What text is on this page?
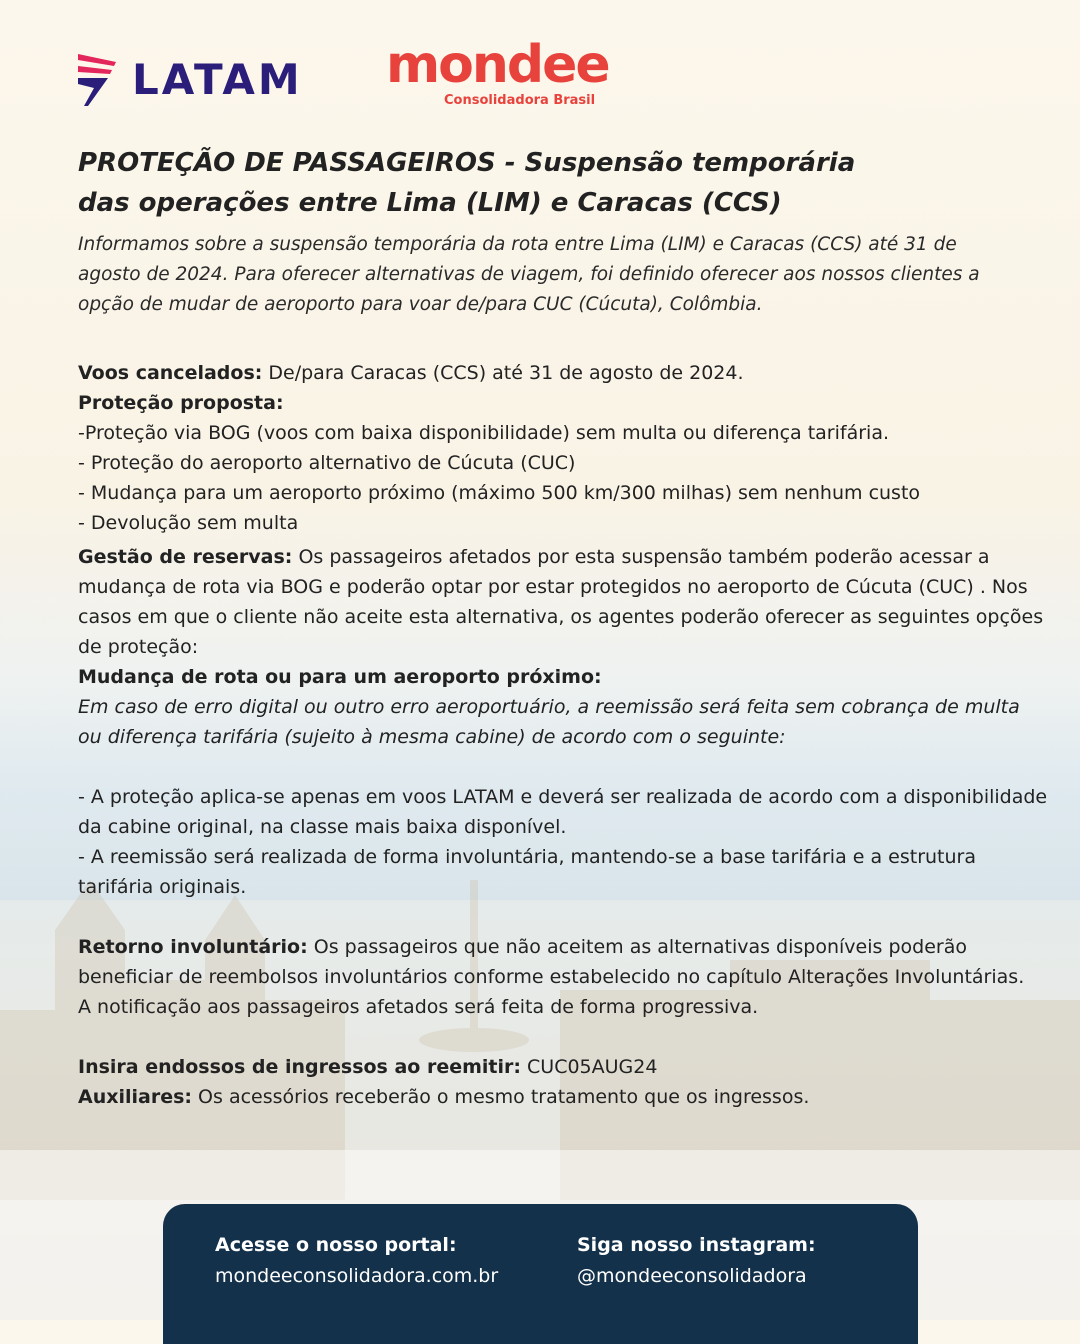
LATAM mondee
Consolidadora Brasil
PROTEÇÃO DE PASSAGEIROS - Suspensão temporária
das operações entre Lima (LIM) e Caracas (CCS)

Informamos sobre a suspensão temporária da rota entre Lima (LIM) e Caracas (CCS) até 31 de agosto de 2024. Para oferecer alternativas de viagem, foi definido oferecer aos nossos clientes a opção de mudar de aeroporto para voar de/para CUC (Cúcuta), Colômbia.

Voos cancelados: De/para Caracas (CCS) até 31 de agosto de 2024.

Proteção proposta:

-Proteção via BOG (voos com baixa disponibilidade) sem multa ou diferença tarifária.

- Proteção do aeroporto alternativo de Cúcuta (CUC)

- Mudança para um aeroporto próximo (máximo 500 km/300 milhas) sem nenhum custo

- Devolução sem multa

Gestão de reservas: Os passageiros afetados por esta suspensão também poderão acessar a mudança de rota via BOG e poderão optar por estar protegidos no aeroporto de Cúcuta (CUC) . Nos casos em que o cliente não aceite esta alternativa, os agentes poderão oferecer as seguintes opções de proteção:

Mudança de rota ou para um aeroporto próximo:

Em caso de erro digital ou outro erro aeroportuário, a reemissão será feita sem cobrança de multa ou diferença tarifária (sujeito à mesma cabine) de acordo com o seguinte:

- A proteção aplica-se apenas em voos LATAM e deverá ser realizada de acordo com a disponibilidade da cabine original, na classe mais baixa disponível.

- A reemissão será realizada de forma involuntária, mantendo-se a base tarifária e a estrutura tarifária originais.

Retorno involuntário: Os passageiros que não aceitem as alternativas disponíveis poderão beneficiar de reembolsos involuntários conforme estabelecido no capítulo Alterações Involuntárias.

A notificação aos passageiros afetados será feita de forma progressiva.

Insira endossos de ingressos ao reemitir: CUC05AUG24

Auxiliares: Os acessórios receberão o mesmo tratamento que os ingressos.

Acesse o nosso portal:
mondeeconsolidadora.com.br
Siga nosso instagram:
@mondeeconsolidadora
